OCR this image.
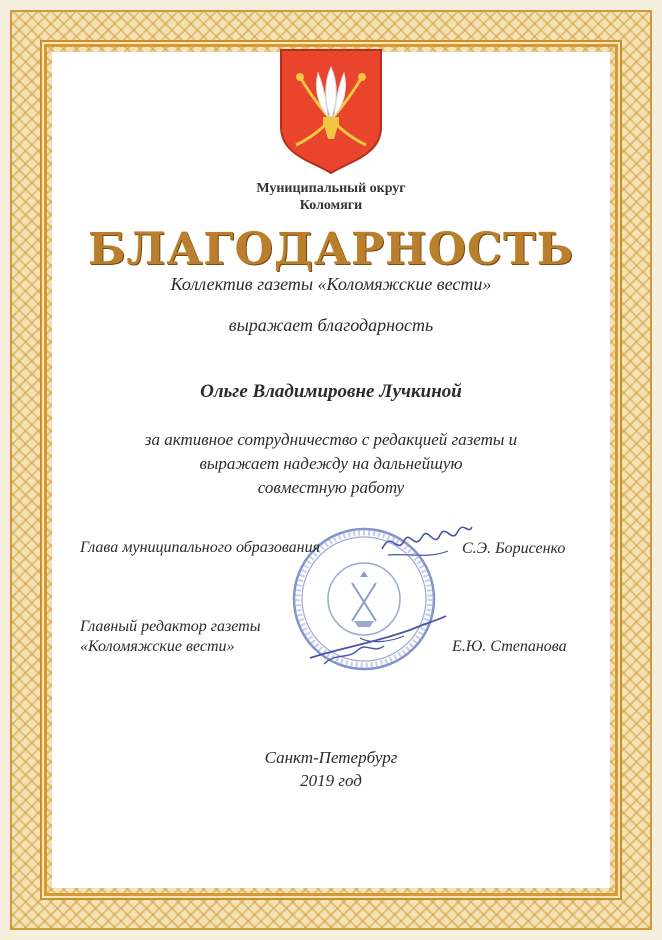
Муниципальный округ
Коломяги
БЛАГОДАРНОСТЬ
Коллектив газеты «Коломяжские вести»
выражает благодарность
Ольге Владимировне Лучкиной
за активное сотрудничество с редакцией газеты и
выражает надежду на дальнейшую
совместную работу
Глава муниципального образования	С.Э. Борисенко
Главный редактор газеты
«Коломяжские вести»	Е.Ю. Степанова
Санкт-Петербург
2019 год
